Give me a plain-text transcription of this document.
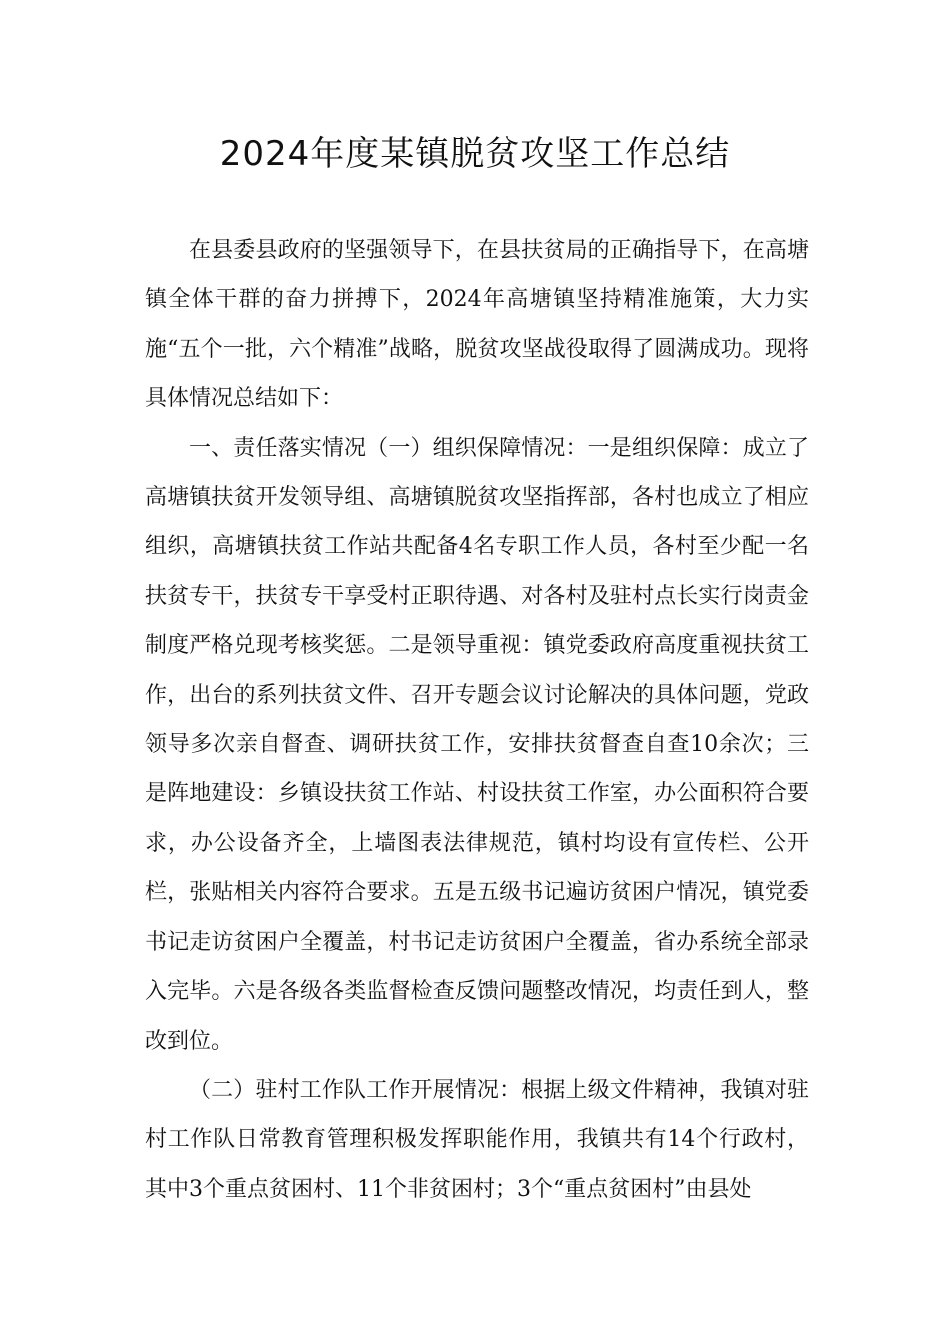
2024年度某镇脱贫攻坚工作总结

在县委县政府的坚强领导下，在县扶贫局的正确指导下，在高塘镇全体干群的奋力拼搏下，2024年高塘镇坚持精准施策，大力实施“五个一批，六个精准”战略，脱贫攻坚战役取得了圆满成功。现将具体情况总结如下：

一、责任落实情况（一）组织保障情况：一是组织保障：成立了高塘镇扶贫开发领导组、高塘镇脱贫攻坚指挥部，各村也成立了相应组织，高塘镇扶贫工作站共配备4名专职工作人员，各村至少配一名扶贫专干，扶贫专干享受村正职待遇、对各村及驻村点长实行岗责金制度严格兑现考核奖惩。二是领导重视：镇党委政府高度重视扶贫工作，出台的系列扶贫文件、召开专题会议讨论解决的具体问题，党政领导多次亲自督查、调研扶贫工作，安排扶贫督查自查10余次；三是阵地建设：乡镇设扶贫工作站、村设扶贫工作室，办公面积符合要求，办公设备齐全，上墙图表法律规范，镇村均设有宣传栏、公开栏，张贴相关内容符合要求。五是五级书记遍访贫困户情况，镇党委书记走访贫困户全覆盖，村书记走访贫困户全覆盖，省办系统全部录入完毕。六是各级各类监督检查反馈问题整改情况，均责任到人，整改到位。

（二）驻村工作队工作开展情况：根据上级文件精神，我镇对驻村工作队日常教育管理积极发挥职能作用，我镇共有14个行政村，其中3个重点贫困村、11个非贫困村；3个“重点贫困村”由县处
